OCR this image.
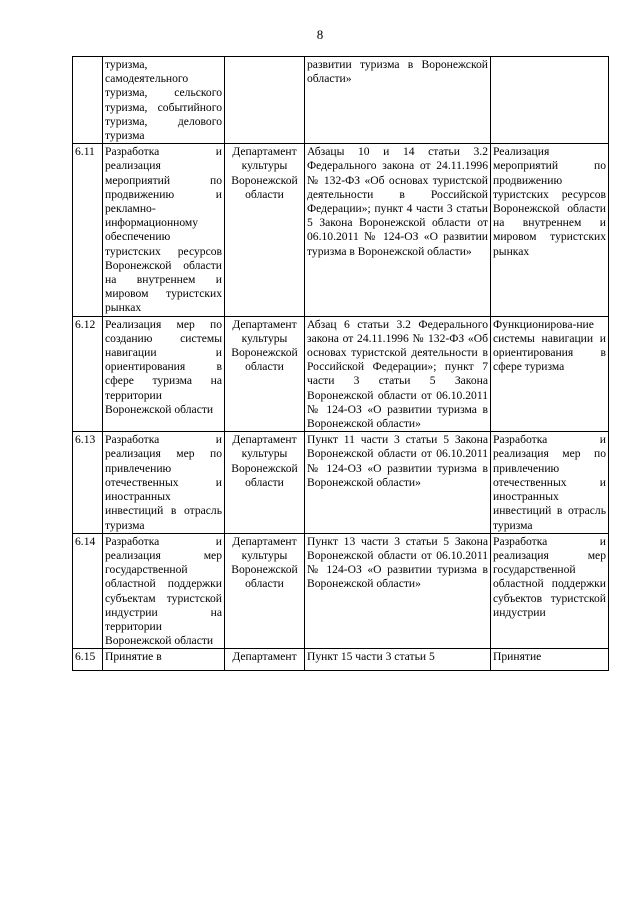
8
	туризма, самодеятельного туризма, сельского туризма, событийного туризма, делового туризма		развитии туризма в Воронежской области»	
6.11	Разработка и реализация мероприятий по продвижению и рекламно-информационному обеспечению туристских ресурсов Воронежской области на внутреннем и мировом туристских рынках	Департамент культуры Воронежской области	Абзацы 10 и 14 статьи 3.2 Федерального закона от 24.11.1996 № 132-ФЗ «Об основах туристской деятельности в Российской Федерации»; пункт 4 части 3 статьи 5 Закона Воронежской области от 06.10.2011 № 124-ОЗ «О развитии туризма в Воронежской области»	Реализация мероприятий по продвижению туристских ресурсов Воронежской области на внутреннем и мировом туристских рынках
6.12	Реализация мер по созданию системы навигации и ориентирования в сфере туризма на территории Воронежской области	Департамент культуры Воронежской области	Абзац 6 статьи 3.2 Федерального закона от 24.11.1996 № 132-ФЗ «Об основах туристской деятельности в Российской Федерации»; пункт 7 части 3 статьи 5 Закона Воронежской области от 06.10.2011 № 124-ОЗ «О развитии туризма в Воронежской области»	Функционирова-ние системы навигации и ориентирования в сфере туризма
6.13	Разработка и реализация мер по привлечению отечественных и иностранных инвестиций в отрасль туризма	Департамент культуры Воронежской области	Пункт 11 части 3 статьи 5 Закона Воронежской области от 06.10.2011 № 124-ОЗ «О развитии туризма в Воронежской области»	Разработка и реализация мер по привлечению отечественных и иностранных инвестиций в отрасль туризма
6.14	Разработка и реализация мер государственной областной поддержки субъектам туристской индустрии на территории Воронежской области	Департамент культуры Воронежской области	Пункт 13 части 3 статьи 5 Закона Воронежской области от 06.10.2011 № 124-ОЗ «О развитии туризма в Воронежской области»	Разработка и реализация мер государственной областной поддержки субъектов туристской индустрии
6.15	Принятие в	Департамент	Пункт 15 части 3 статьи 5	Принятие
